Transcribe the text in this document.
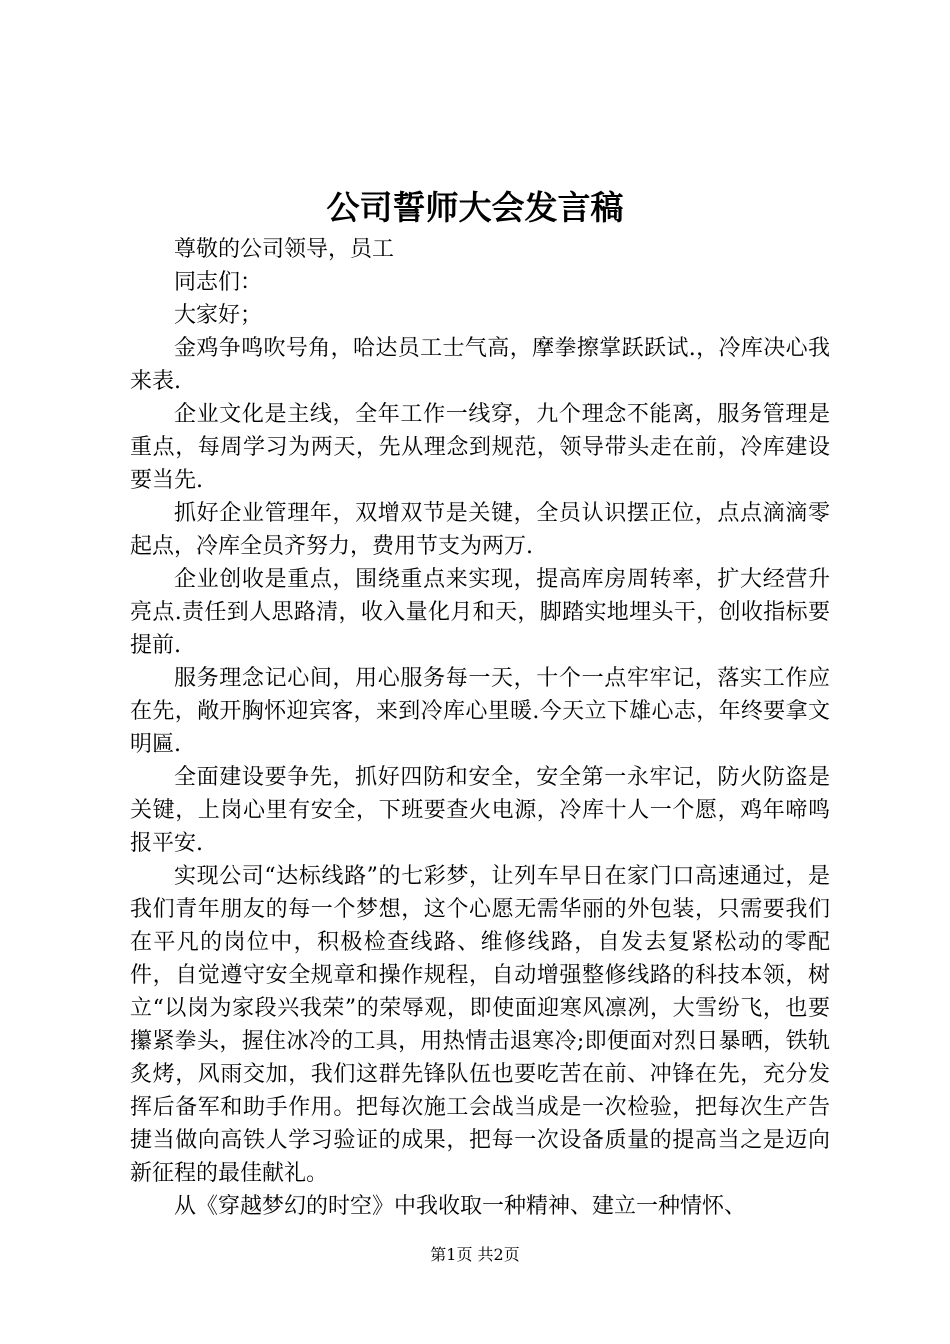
公司誓师大会发言稿

尊敬的公司领导，员工

同志们：

大家好；

金鸡争鸣吹号角，哈达员工士气高，摩拳擦掌跃跃试.，冷库决心我来表.

企业文化是主线，全年工作一线穿，九个理念不能离，服务管理是重点，每周学习为两天，先从理念到规范，领导带头走在前，冷库建设要当先.

抓好企业管理年，双增双节是关键，全员认识摆正位，点点滴滴零起点，冷库全员齐努力，费用节支为两万.

企业创收是重点，围绕重点来实现，提高库房周转率，扩大经营升亮点.责任到人思路清，收入量化月和天，脚踏实地埋头干，创收指标要提前.

服务理念记心间，用心服务每一天，十个一点牢牢记，落实工作应在先，敞开胸怀迎宾客，来到冷库心里暖.今天立下雄心志，年终要拿文明匾.

全面建设要争先，抓好四防和安全，安全第一永牢记，防火防盗是关键，上岗心里有安全，下班要查火电源，冷库十人一个愿，鸡年啼鸣报平安.

实现公司“达标线路”的七彩梦，让列车早日在家门口高速通过，是我们青年朋友的每一个梦想，这个心愿无需华丽的外包装，只需要我们在平凡的岗位中，积极检查线路、维修线路，自发去复紧松动的零配件，自觉遵守安全规章和操作规程，自动增强整修线路的科技本领，树立“以岗为家段兴我荣”的荣辱观，即使面迎寒风凛冽，大雪纷飞，也要攥紧拳头，握住冰冷的工具，用热情击退寒冷;即便面对烈日暴晒，铁轨炙烤，风雨交加，我们这群先锋队伍也要吃苦在前、冲锋在先，充分发挥后备军和助手作用。把每次施工会战当成是一次检验，把每次生产告捷当做向高铁人学习验证的成果，把每一次设备质量的提高当之是迈向新征程的最佳献礼。

从《穿越梦幻的时空》中我收取一种精神、建立一种情怀、

第1页 共2页
